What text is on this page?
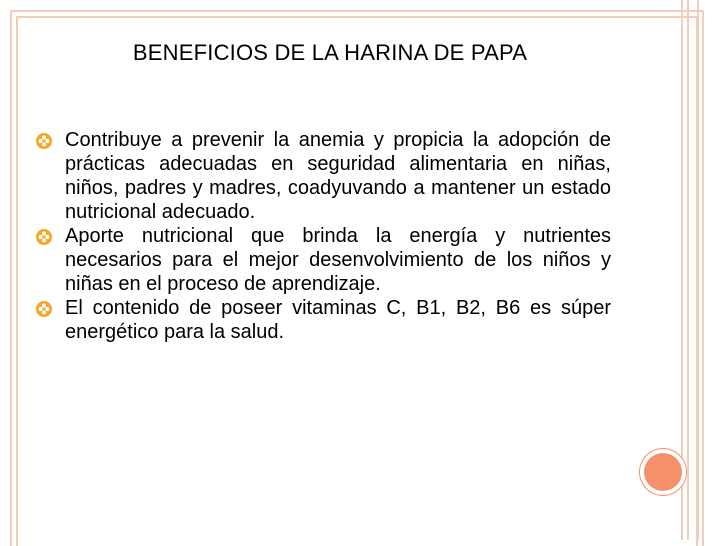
BENEFICIOS DE LA HARINA DE PAPA
Contribuye a prevenir la anemia y propicia la adopción de prácticas adecuadas en seguridad alimentaria en niñas, niños, padres y madres, coadyuvando a mantener un estado nutricional adecuado.
Aporte nutricional que brinda la energía y nutrientes necesarios para el mejor desenvolvimiento de los niños y niñas en el proceso de aprendizaje.
El contenido de poseer vitaminas C, B1, B2, B6 es súper energético para la salud.
